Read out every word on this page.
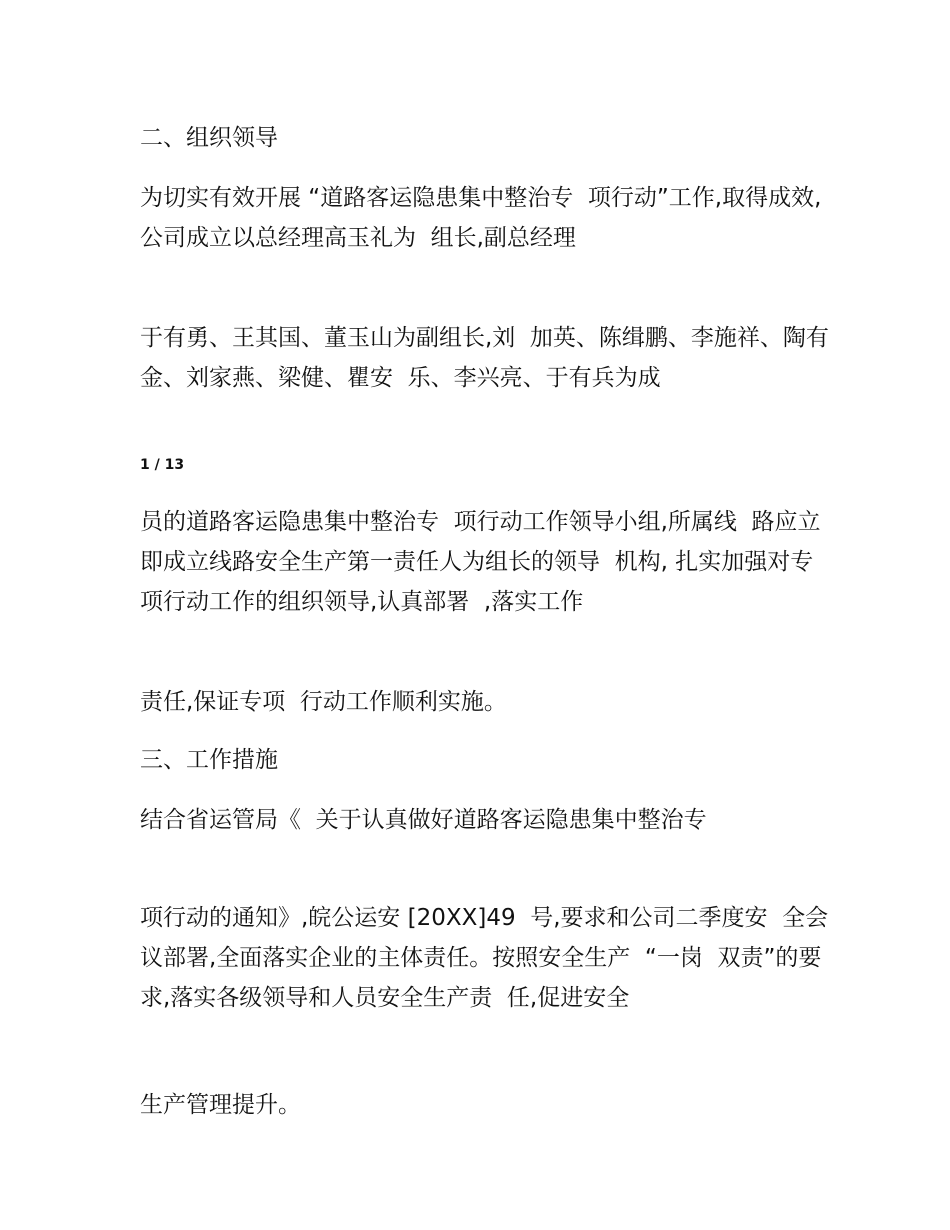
二、组织领导

为切实有效开展 “道路客运隐患集中整治专  项行动”工作,取得成效,公司成立以总经理高玉礼为  组长,副总经理

于有勇、王其国、董玉山为副组长,刘  加英、陈缉鹏、李施祥、陶有金、刘家燕、梁健、瞿安  乐、李兴亮、于有兵为成

1 / 13

员的道路客运隐患集中整治专  项行动工作领导小组,所属线  路应立即成立线路安全生产第一责任人为组长的领导  机构, 扎实加强对专项行动工作的组织领导,认真部署  ,落实工作

责任,保证专项  行动工作顺利实施。

三、工作措施

结合省运管局《  关于认真做好道路客运隐患集中整治专

项行动的通知》,皖公运安 [20XX]49  号,要求和公司二季度安  全会议部署,全面落实企业的主体责任。按照安全生产  “一岗  双责”的要求,落实各级领导和人员安全生产责  任,促进安全

生产管理提升。
